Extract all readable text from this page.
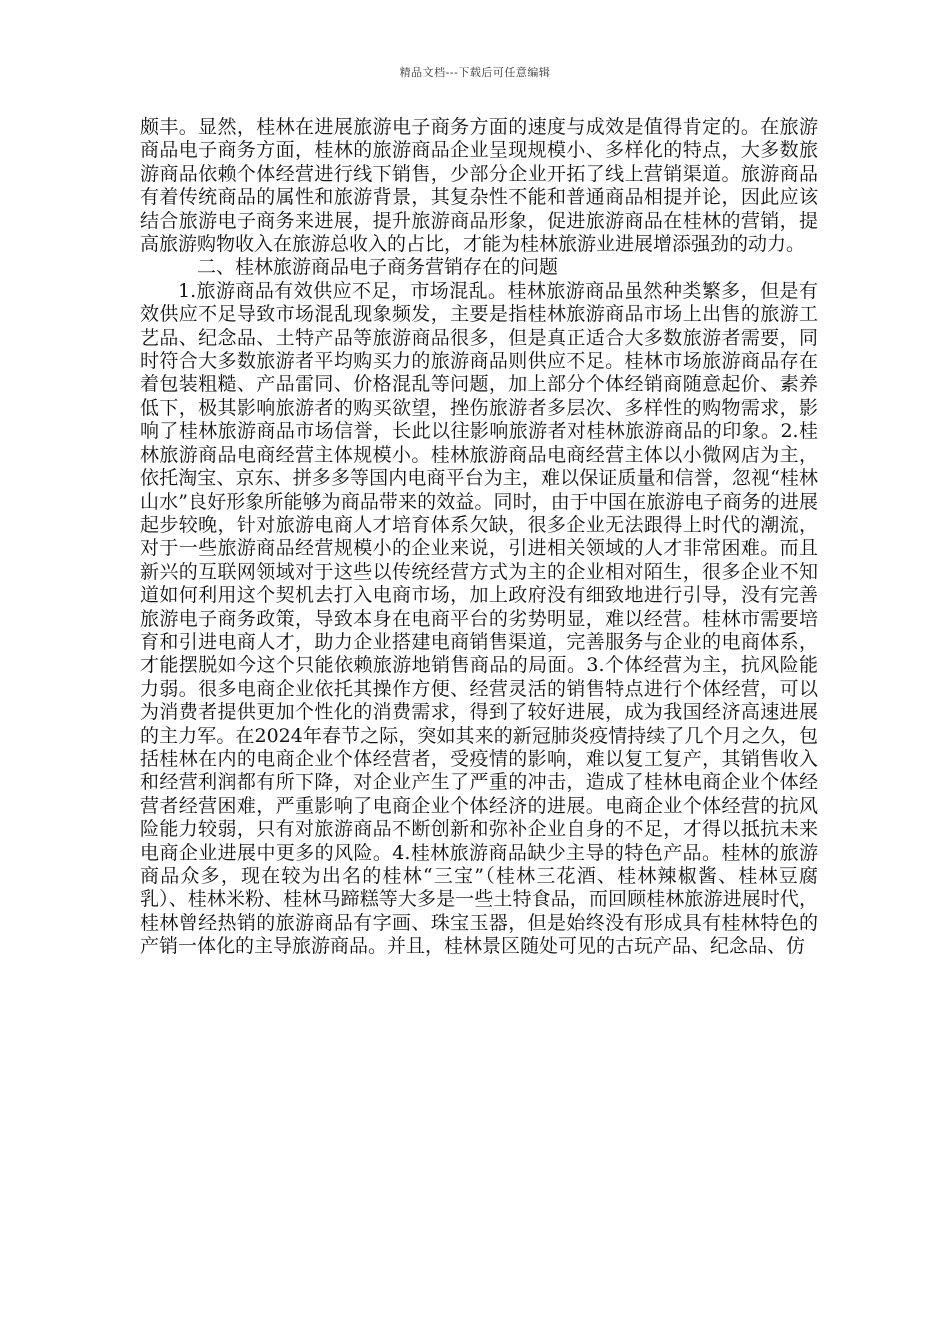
精品文档---下载后可任意编辑

颇丰。显然，桂林在进展旅游电子商务方面的速度与成效是值得肯定的。在旅游商品电子商务方面，桂林的旅游商品企业呈现规模小、多样化的特点，大多数旅游商品依赖个体经营进行线下销售，少部分企业开拓了线上营销渠道。旅游商品有着传统商品的属性和旅游背景，其复杂性不能和普通商品相提并论，因此应该结合旅游电子商务来进展，提升旅游商品形象，促进旅游商品在桂林的营销，提高旅游购物收入在旅游总收入的占比，才能为桂林旅游业进展增添强劲的动力。

二、桂林旅游商品电子商务营销存在的问题

1.旅游商品有效供应不足，市场混乱。桂林旅游商品虽然种类繁多，但是有效供应不足导致市场混乱现象频发，主要是指桂林旅游商品市场上出售的旅游工艺品、纪念品、土特产品等旅游商品很多，但是真正适合大多数旅游者需要，同时符合大多数旅游者平均购买力的旅游商品则供应不足。桂林市场旅游商品存在着包装粗糙、产品雷同、价格混乱等问题，加上部分个体经销商随意起价、素养低下，极其影响旅游者的购买欲望，挫伤旅游者多层次、多样性的购物需求，影响了桂林旅游商品市场信誉，长此以往影响旅游者对桂林旅游商品的印象。2.桂林旅游商品电商经营主体规模小。桂林旅游商品电商经营主体以小微网店为主，依托淘宝、京东、拼多多等国内电商平台为主，难以保证质量和信誉，忽视“桂林山水”良好形象所能够为商品带来的效益。同时，由于中国在旅游电子商务的进展起步较晚，针对旅游电商人才培育体系欠缺，很多企业无法跟得上时代的潮流，对于一些旅游商品经营规模小的企业来说，引进相关领域的人才非常困难。而且新兴的互联网领域对于这些以传统经营方式为主的企业相对陌生，很多企业不知道如何利用这个契机去打入电商市场，加上政府没有细致地进行引导，没有完善旅游电子商务政策，导致本身在电商平台的劣势明显，难以经营。桂林市需要培育和引进电商人才，助力企业搭建电商销售渠道，完善服务与企业的电商体系，才能摆脱如今这个只能依赖旅游地销售商品的局面。3.个体经营为主，抗风险能力弱。很多电商企业依托其操作方便、经营灵活的销售特点进行个体经营，可以为消费者提供更加个性化的消费需求，得到了较好进展，成为我国经济高速进展的主力军。在2024年春节之际，突如其来的新冠肺炎疫情持续了几个月之久，包括桂林在内的电商企业个体经营者，受疫情的影响，难以复工复产，其销售收入和经营利润都有所下降，对企业产生了严重的冲击，造成了桂林电商企业个体经营者经营困难，严重影响了电商企业个体经济的进展。电商企业个体经营的抗风险能力较弱，只有对旅游商品不断创新和弥补企业自身的不足，才得以抵抗未来电商企业进展中更多的风险。4.桂林旅游商品缺少主导的特色产品。桂林的旅游商品众多，现在较为出名的桂林“三宝”（桂林三花酒、桂林辣椒酱、桂林豆腐乳）、桂林米粉、桂林马蹄糕等大多是一些土特食品，而回顾桂林旅游进展时代，桂林曾经热销的旅游商品有字画、珠宝玉器，但是始终没有形成具有桂林特色的产销一体化的主导旅游商品。并且，桂林景区随处可见的古玩产品、纪念品、仿
